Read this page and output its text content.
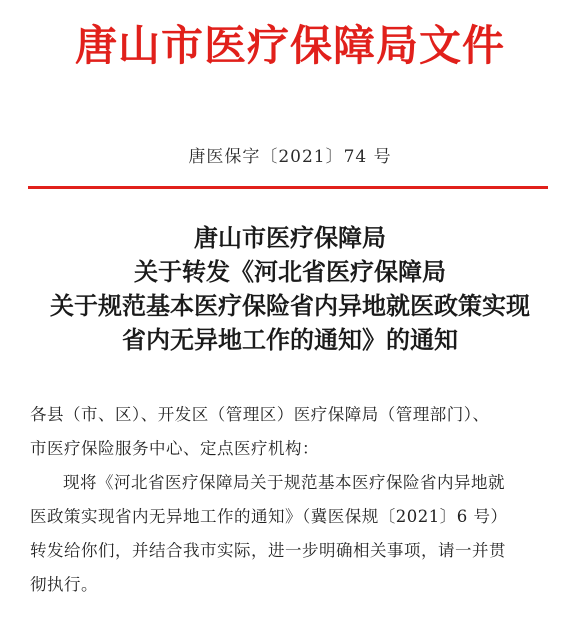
唐山市医疗保障局文件
唐医保字〔2021〕74 号
唐山市医疗保障局
关于转发《河北省医疗保障局
关于规范基本医疗保险省内异地就医政策实现
省内无异地工作的通知》的通知
各县（市、区）、开发区（管理区）医疗保障局（管理部门）、
市医疗保险服务中心、定点医疗机构：
现将《河北省医疗保障局关于规范基本医疗保险省内异地就
医政策实现省内无异地工作的通知》（冀医保规〔2021〕6 号）
转发给你们，并结合我市实际，进一步明确相关事项，请一并贯
彻执行。
